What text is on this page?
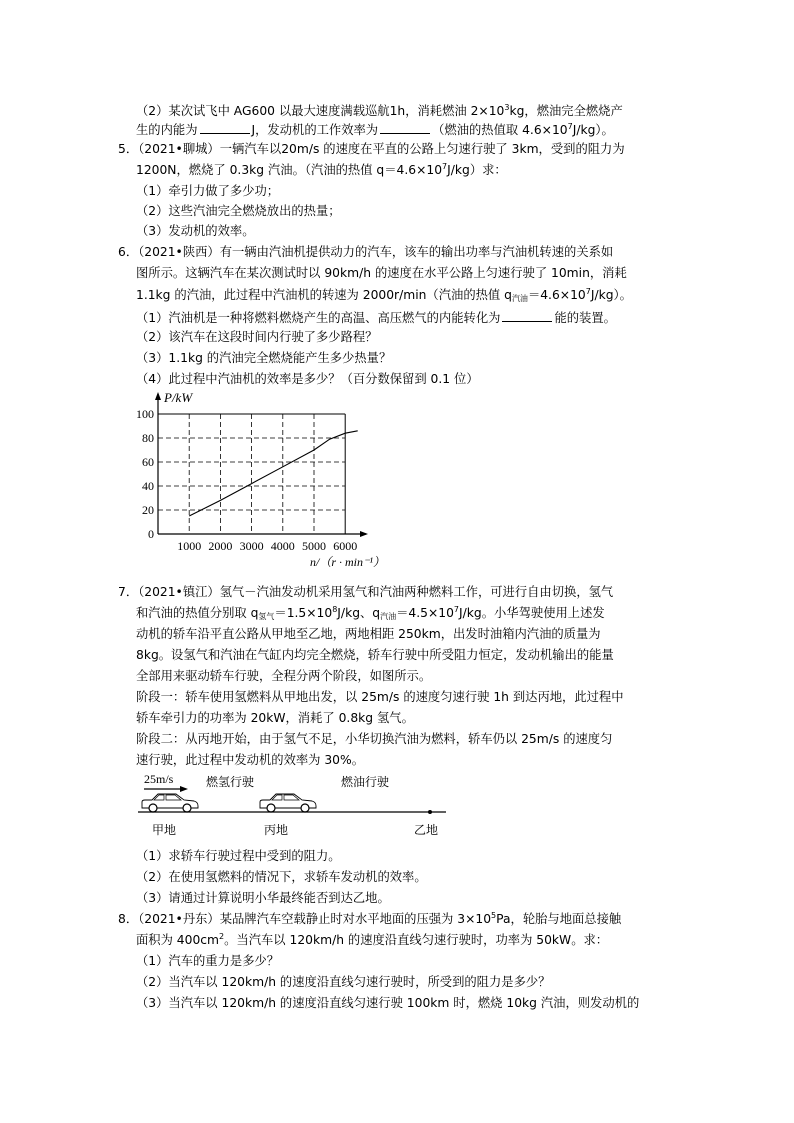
（2）某次试飞中 AG600 以最大速度满载巡航1h，消耗燃油 $2\times 10^3kg$，燃油完全燃烧产
生的内能为	J，发动机的工作效率为	（燃油的热值取 $4.6\times 10^7J/kg$）。
5．（2021•聊城）一辆汽车以20m/s 的速度在平直的公路上匀速行驶了 3km，受到的阻力为
1200N，燃烧了 0.3kg 汽油。（汽油的热值 $q=4.6\times 10^7J/kg$）求：
（1）牵引力做了多少功；
（2）这些汽油完全燃烧放出的热量；
（3）发动机的效率。
6．（2021•陕西）有一辆由汽油机提供动力的汽车，该车的输出功率与汽油机转速的关系如
图所示。这辆汽车在某次测试时以 90km/h 的速度在水平公路上匀速行驶了 10min，消耗
1.1kg 的汽油，此过程中汽油机的转速为 2000r/min（汽油的热值 $q_{汽油}=4.6\times 10^7J/kg$）。
（1）汽油机是一种将燃料燃烧产生的高温、高压燃气的内能转化为	能的装置。
（2）该汽车在这段时间内行驶了多少路程？
（3）1.1kg 的汽油完全燃烧能产生多少热量？
（4）此过程中汽油机的效率是多少？（百分数保留到 0.1 位）
0
20
40
60
80
100
1000 2000 3000 4000 5000 6000
P/kW
n/（r · min⁻¹）
7．（2021•镇江）氢气－汽油发动机采用氢气和汽油两种燃料工作，可进行自由切换，氢气
和汽油的热值分别取 $q_{氢气}=1.5\times 10^8J/kg$、$q_{汽油}=4.5\times 10^7J/kg$。小华驾驶使用上述发
动机的轿车沿平直公路从甲地至乙地，两地相距 250km，出发时油箱内汽油的质量为
8kg。设氢气和汽油在气缸内均完全燃烧，轿车行驶中所受阻力恒定，发动机输出的能量
全部用来驱动轿车行驶，全程分两个阶段，如图所示。
阶段一：轿车使用氢燃料从甲地出发，以 25m/s 的速度匀速行驶 1h 到达丙地，此过程中
轿车牵引力的功率为 20kW，消耗了 0.8kg 氢气。
阶段二：从丙地开始，由于氢气不足，小华切换汽油为燃料，轿车仍以 25m/s 的速度匀
速行驶，此过程中发动机的效率为 30%。
25m/s	燃氢行驶	燃油行驶
甲地	丙地	乙地
（1）求轿车行驶过程中受到的阻力。
（2）在使用氢燃料的情况下，求轿车发动机的效率。
（3）请通过计算说明小华最终能否到达乙地。
8．（2021•丹东）某品牌汽车空载静止时对水平地面的压强为 $3\times 10^5Pa$，轮胎与地面总接触
面积为 $400cm^2$。当汽车以 120km/h 的速度沿直线匀速行驶时，功率为 50kW。求：
（1）汽车的重力是多少？
（2）当汽车以 120km/h 的速度沿直线匀速行驶时，所受到的阻力是多少？
（3）当汽车以 120km/h 的速度沿直线匀速行驶 100km 时，燃烧 10kg 汽油，则发动机的
